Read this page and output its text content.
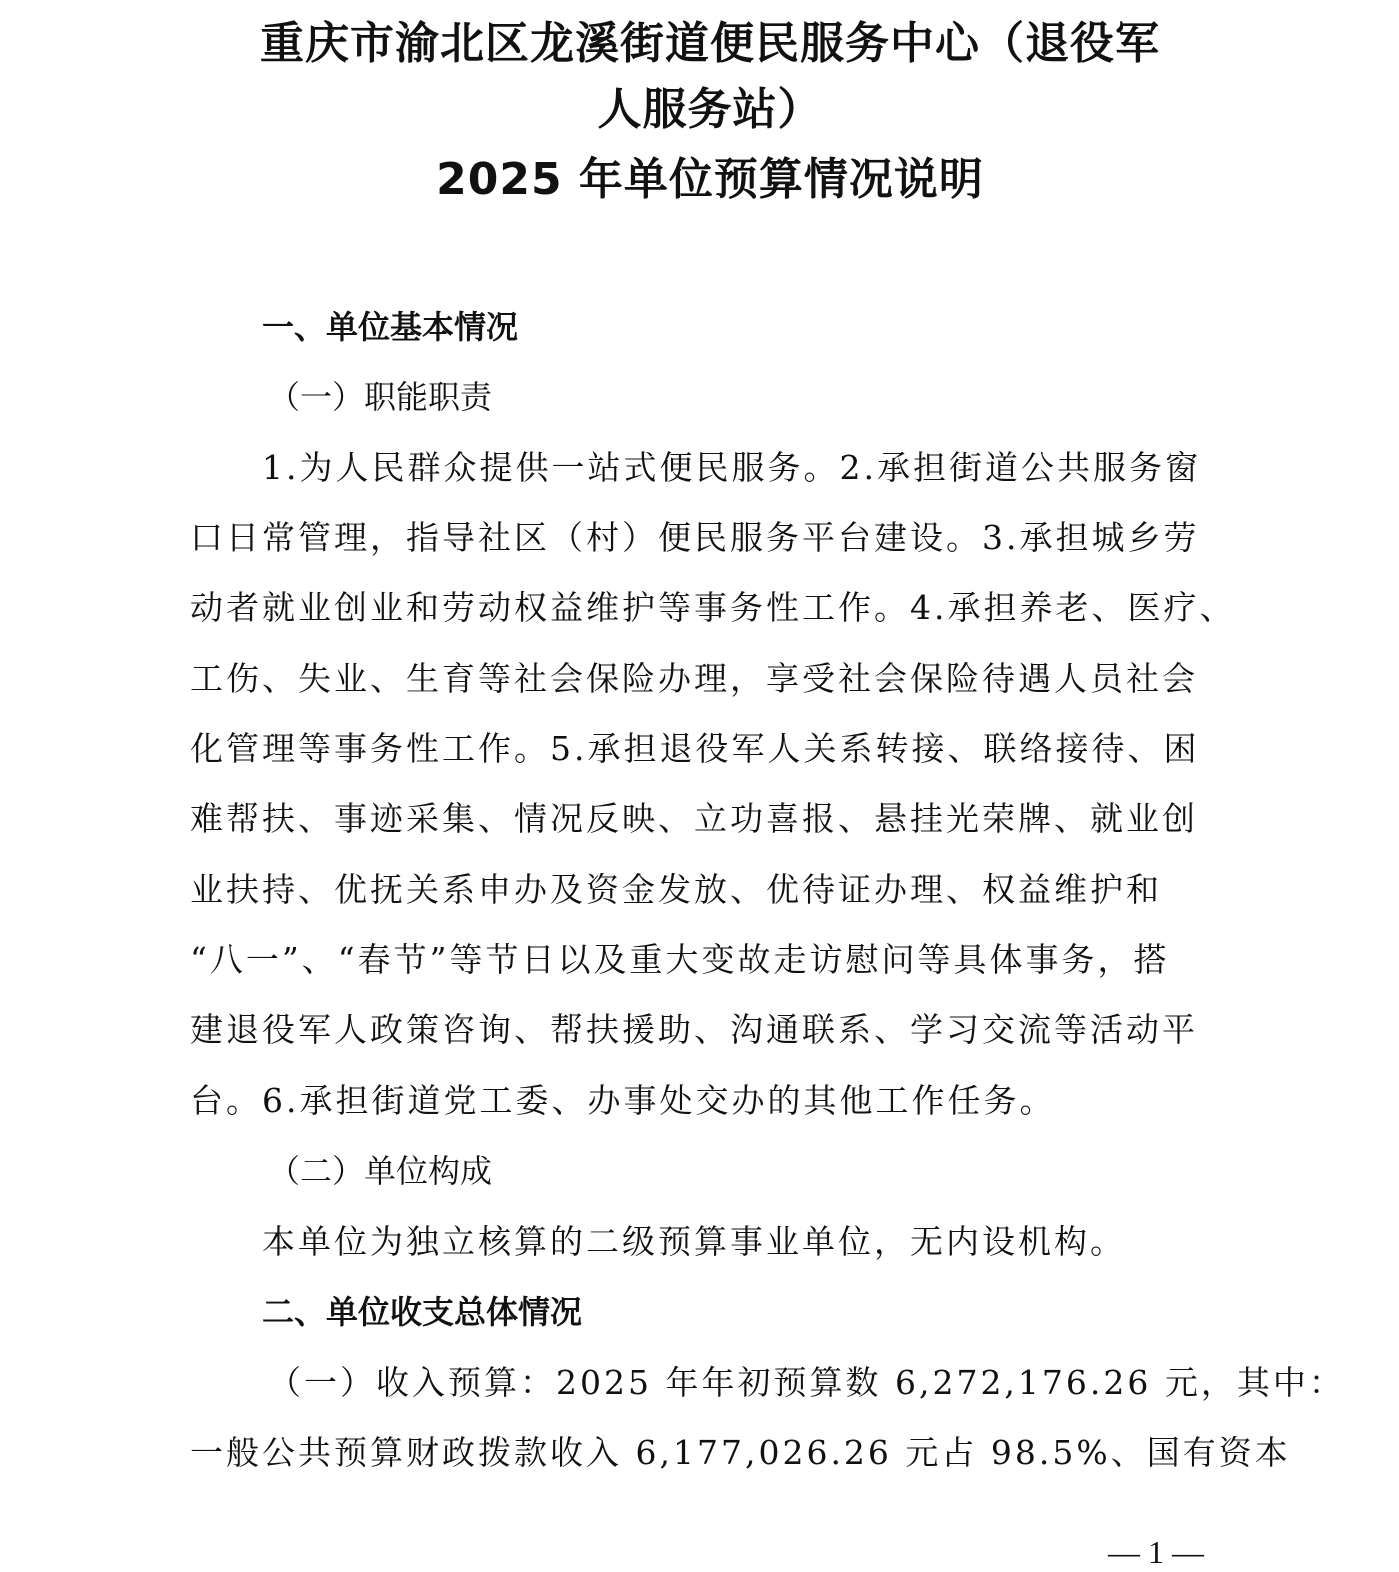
重庆市渝北区龙溪街道便民服务中心（退役军
人服务站）
2025 年单位预算情况说明
一、单位基本情况
（一）职能职责
1.为人民群众提供一站式便民服务。2.承担街道公共服务窗
口日常管理，指导社区（村）便民服务平台建设。3.承担城乡劳
动者就业创业和劳动权益维护等事务性工作。4.承担养老、医疗、
工伤、失业、生育等社会保险办理，享受社会保险待遇人员社会
化管理等事务性工作。5.承担退役军人关系转接、联络接待、困
难帮扶、事迹采集、情况反映、立功喜报、悬挂光荣牌、就业创
业扶持、优抚关系申办及资金发放、优待证办理、权益维护和
“八一”、“春节”等节日以及重大变故走访慰问等具体事务，搭
建退役军人政策咨询、帮扶援助、沟通联系、学习交流等活动平
台。6.承担街道党工委、办事处交办的其他工作任务。
（二）单位构成
本单位为独立核算的二级预算事业单位，无内设机构。
二、单位收支总体情况
（一）收入预算：2025 年年初预算数 6,272,176.26 元，其中：
一般公共预算财政拨款收入 6,177,026.26 元占 98.5%、国有资本
— 1 —
